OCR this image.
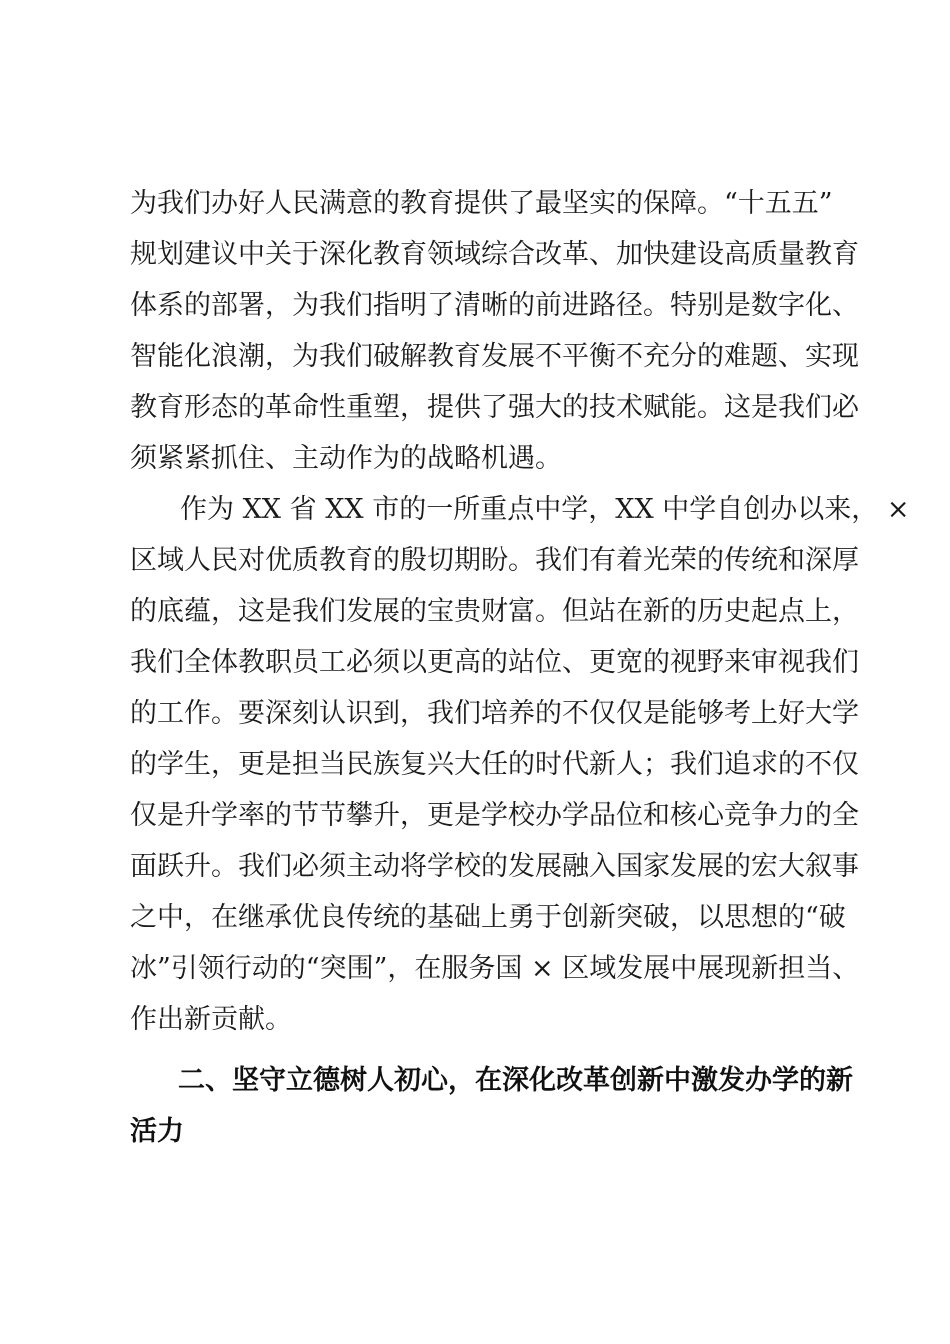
为我们办好人民满意的教育提供了最坚实的保障。“十五五”

规划建议中关于深化教育领域综合改革、加快建设高质量教育

体系的部署，为我们指明了清晰的前进路径。特别是数字化、

智能化浪潮，为我们破解教育发展不平衡不充分的难题、实现

教育形态的革命性重塑，提供了强大的技术赋能。这是我们必

须紧紧抓住、主动作为的战略机遇。

作为 XX 省 XX 市的一所重点中学，XX 中学自创办以来， ×

区域人民对优质教育的殷切期盼。我们有着光荣的传统和深厚

的底蕴，这是我们发展的宝贵财富。但站在新的历史起点上，

我们全体教职员工必须以更高的站位、更宽的视野来审视我们

的工作。要深刻认识到，我们培养的不仅仅是能够考上好大学

的学生，更是担当民族复兴大任的时代新人；我们追求的不仅

仅是升学率的节节攀升，更是学校办学品位和核心竞争力的全

面跃升。我们必须主动将学校的发展融入国家发展的宏大叙事

之中，在继承优良传统的基础上勇于创新突破，以思想的“破

冰”引领行动的“突围”，在服务国 × 区域发展中展现新担当、

作出新贡献。

二、坚守立德树人初心，在深化改革创新中激发办学的新

活力
